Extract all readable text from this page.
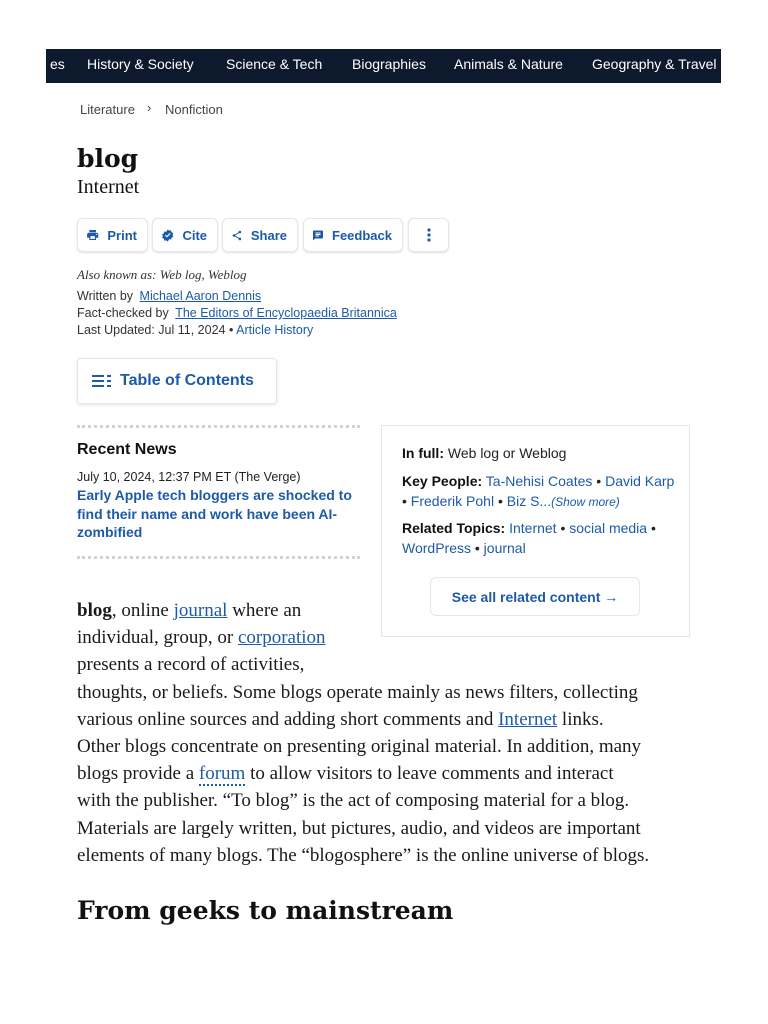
es History & Society Science & Tech Biographies Animals & Nature Geography & Travel
Literature › Nonfiction
blog
Internet
Print	Cite	Share	Feedback
Also known as: Web log, Weblog
Written by Michael Aaron Dennis
Fact-checked by The Editors of Encyclopaedia Britannica
Last Updated: Jul 11, 2024 • Article History
Table of Contents
Recent News
July 10, 2024, 12:37 PM ET (The Verge)
Early Apple tech bloggers are shocked to find their name and work have been AI-zombified
In full: Web log or Weblog
Key People: Ta-Nehisi Coates • David Karp • Frederik Pohl • Biz S...(Show more)
Related Topics: Internet • social media • WordPress • journal
See all related content →
blog, online journal where an
individual, group, or corporation
presents a record of activities,
thoughts, or beliefs. Some blogs operate mainly as news filters, collecting
various online sources and adding short comments and Internet links.
Other blogs concentrate on presenting original material. In addition, many
blogs provide a forum to allow visitors to leave comments and interact
with the publisher. “To blog” is the act of composing material for a blog.
Materials are largely written, but pictures, audio, and videos are important
elements of many blogs. The “blogosphere” is the online universe of blogs.
From geeks to mainstream
